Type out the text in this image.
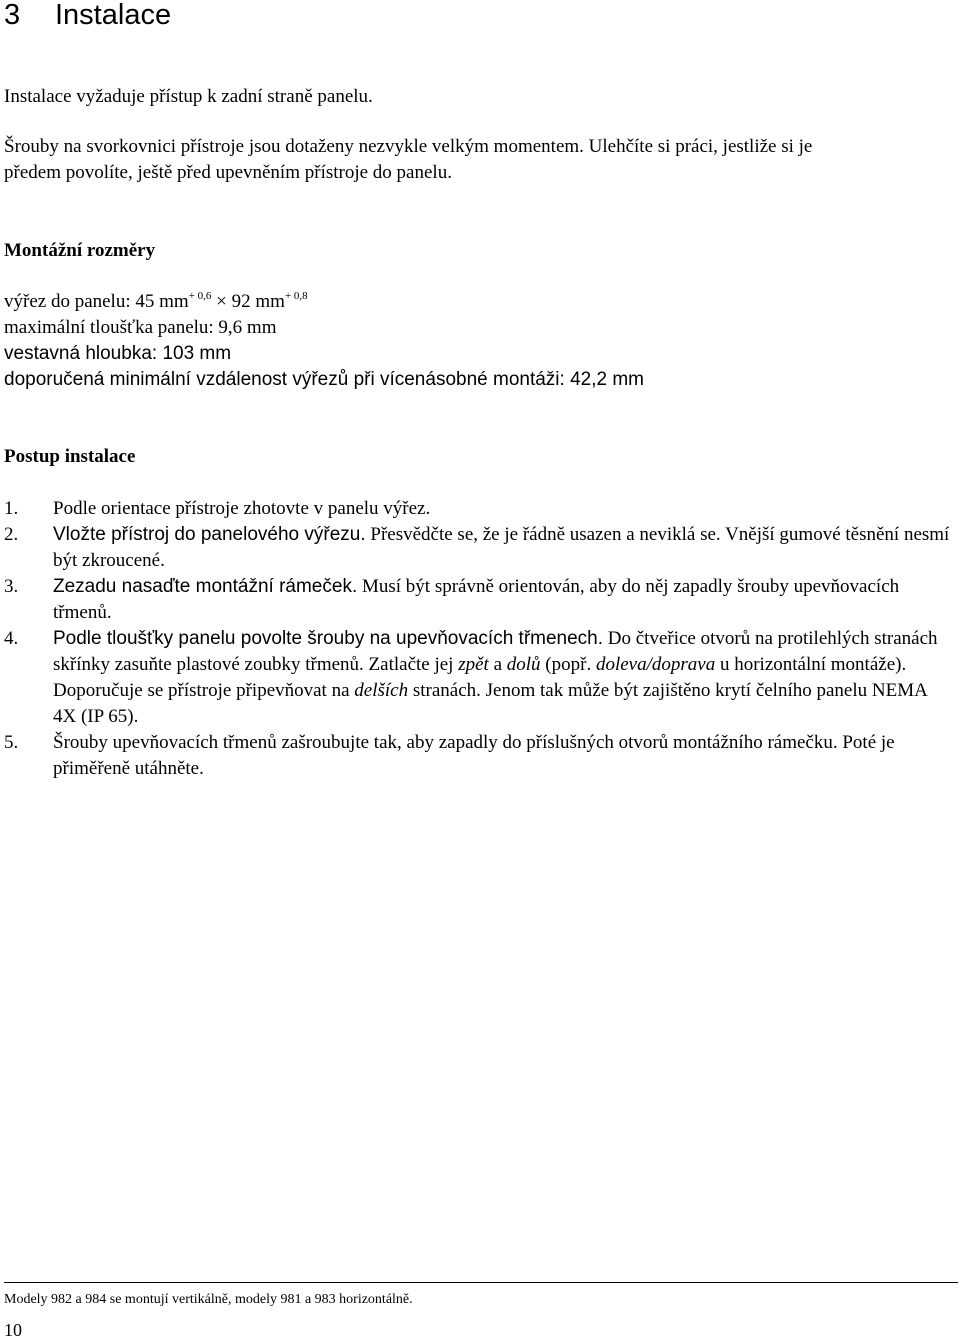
3 Instalace

Instalace vyžaduje přístup k zadní straně panelu.

Šrouby na svorkovnici přístroje jsou dotaženy nezvykle velkým momentem. Ulehčíte si práci, jestliže si je
předem povolíte, ještě před upevněním přístroje do panelu.

Montážní rozměry

výřez do panelu: 45 $mm^{+ 0,6} \times 92$ $mm^{+ 0,8}$

maximální tloušťka panelu: 9,6 mm

vestavná hloubka: 103 mm

doporučená minimální vzdálenost výřezů při vícenásobné montáži: 42,2 mm

Postup instalace

1. Podle orientace přístroje zhotovte v panelu výřez.
2. Vložte přístroj do panelového výřezu. Přesvědčte se, že je řádně usazen a neviklá se. Vnější gumové těsnění nesmí být zkroucené.
3. Zezadu nasaďte montážní rámeček. Musí být správně orientován, aby do něj zapadly šrouby upevňovacích třmenů.
4. Podle tloušťky panelu povolte šrouby na upevňovacích třmenech. Do čtveřice otvorů na protilehlých stranách skřínky zasuňte plastové zoubky třmenů. Zatlačte jej zpět a dolů (popř. doleva/doprava u horizontální montáže). Doporučuje se přístroje připevňovat na delších stranách. Jenom tak může být zajištěno krytí čelního panelu NEMA 4X (IP 65).
5. Šrouby upevňovacích třmenů zašroubujte tak, aby zapadly do příslušných otvorů montážního rámečku. Poté je přiměřeně utáhněte.

Modely 982 a 984 se montují vertikálně, modely 981 a 983 horizontálně.

10
